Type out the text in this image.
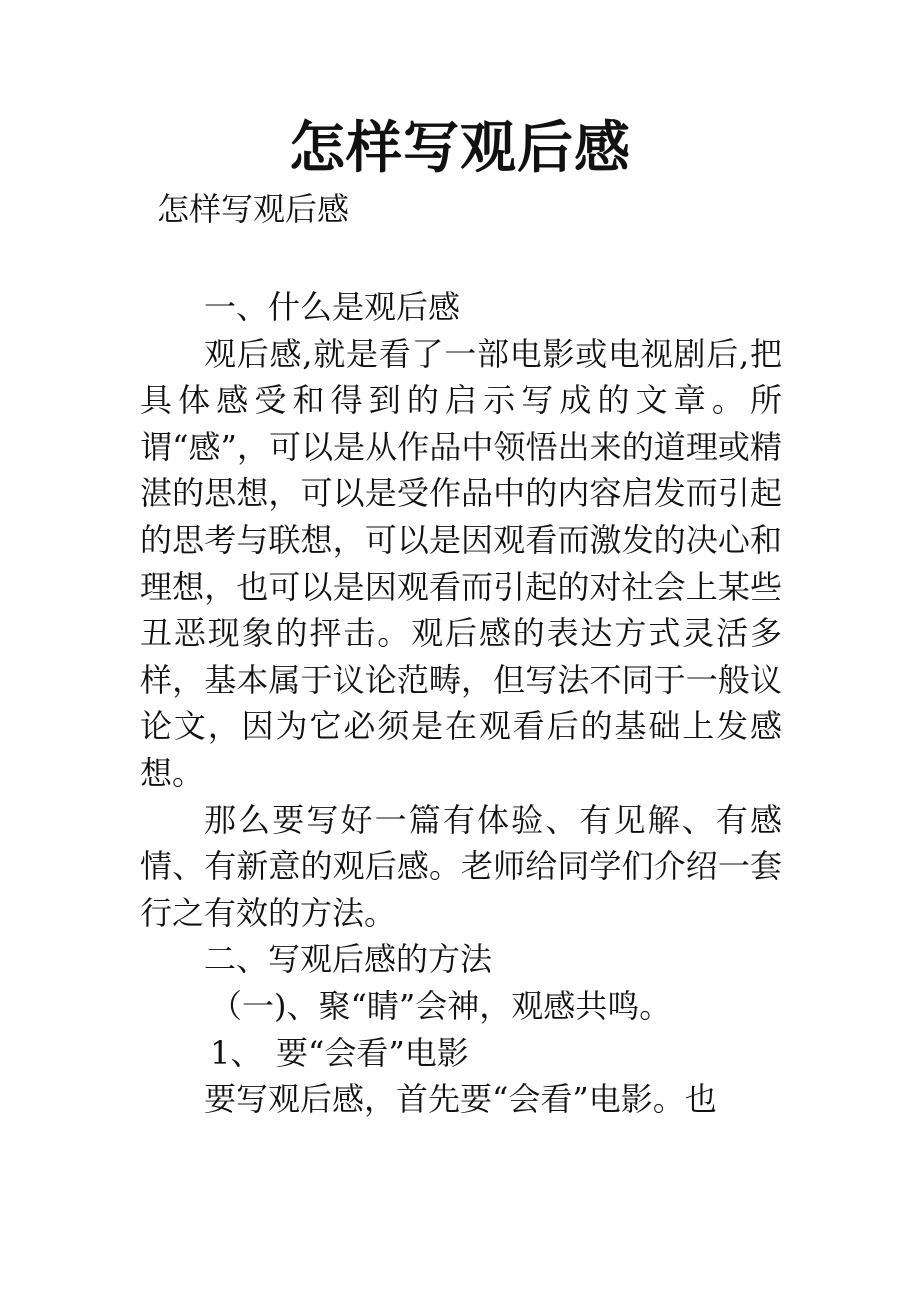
怎样写观后感

怎样写观后感

一、什么是观后感

观后感,就是看了一部电影或电视剧后,把具体感受和得到的启示写成的文章。所谓“感”，可以是从作品中领悟出来的道理或精湛的思想，可以是受作品中的内容启发而引起的思考与联想，可以是因观看而激发的决心和理想，也可以是因观看而引起的对社会上某些丑恶现象的抨击。观后感的表达方式灵活多样，基本属于议论范畴，但写法不同于一般议论文，因为它必须是在观看后的基础上发感想。

那么要写好一篇有体验、有见解、有感情、有新意的观后感。老师给同学们介绍一套行之有效的方法。

二、写观后感的方法

（一)、聚“睛”会神，观感共鸣。

1、 要“会看”电影

要写观后感，首先要“会看”电影。也
